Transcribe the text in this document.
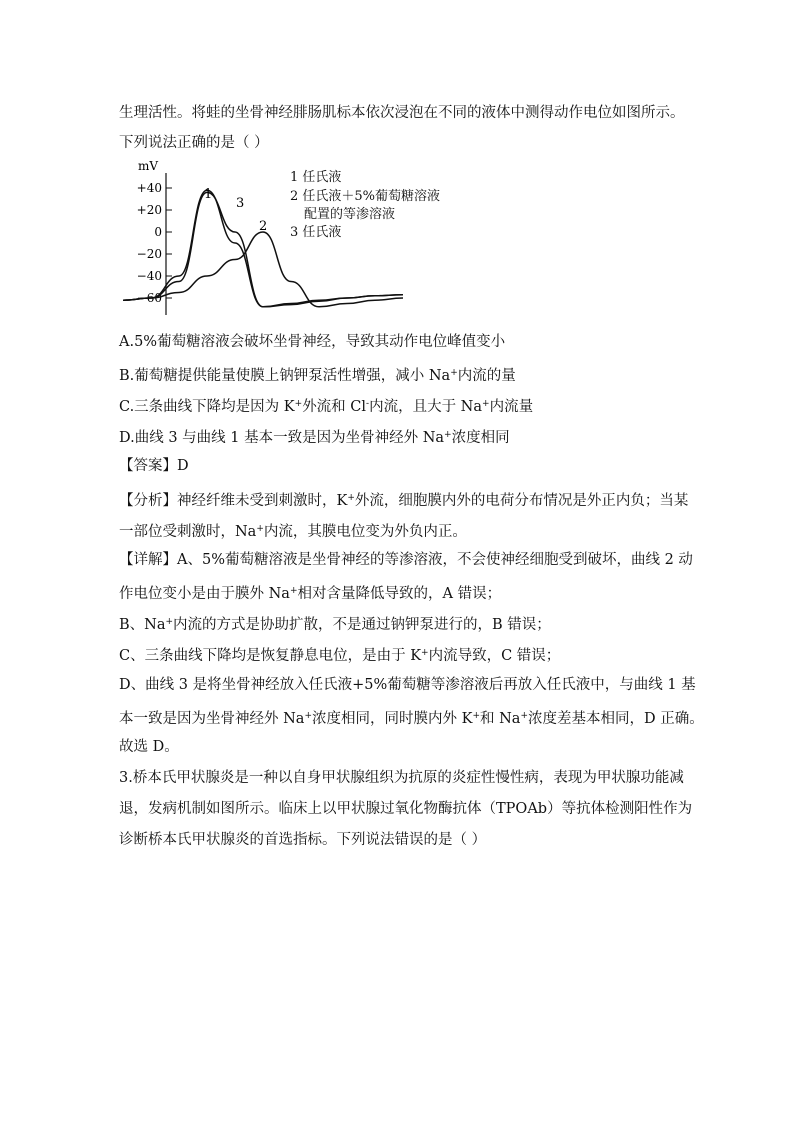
生理活性。将蛙的坐骨神经腓肠肌标本依次浸泡在不同的液体中测得动作电位如图所示。
下列说法正确的是（ ）
mV
+40
+20
0
−20
−40
−60
1
2
3
1 任氏液
2 任氏液＋5%葡萄糖溶液
配置的等渗溶液
3 任氏液
A.5%葡萄糖溶液会破坏坐骨神经，导致其动作电位峰值变小
B.葡萄糖提供能量使膜上钠钾泵活性增强，减小 Na+内流的量
C.三条曲线下降均是因为 K+外流和 Cl-内流，且大于 Na+内流量
D.曲线 3 与曲线 1 基本一致是因为坐骨神经外 Na+浓度相同
【答案】D
【分析】神经纤维未受到刺激时，K+外流，细胞膜内外的电荷分布情况是外正内负；当某
一部位受刺激时，Na+内流，其膜电位变为外负内正。
【详解】A、5%葡萄糖溶液是坐骨神经的等渗溶液，不会使神经细胞受到破坏，曲线 2 动
作电位变小是由于膜外 Na+相对含量降低导致的，A 错误；
B、Na+内流的方式是协助扩散，不是通过钠钾泵进行的，B 错误；
C、三条曲线下降均是恢复静息电位，是由于 K+内流导致，C 错误；
D、曲线 3 是将坐骨神经放入任氏液+5%葡萄糖等渗溶液后再放入任氏液中，与曲线 1 基
本一致是因为坐骨神经外 Na+浓度相同，同时膜内外 K+和 Na+浓度差基本相同，D 正确。
故选 D。
3.桥本氏甲状腺炎是一种以自身甲状腺组织为抗原的炎症性慢性病，表现为甲状腺功能减
退，发病机制如图所示。临床上以甲状腺过氧化物酶抗体（TPOAb）等抗体检测阳性作为
诊断桥本氏甲状腺炎的首选指标。下列说法错误的是（ ）
